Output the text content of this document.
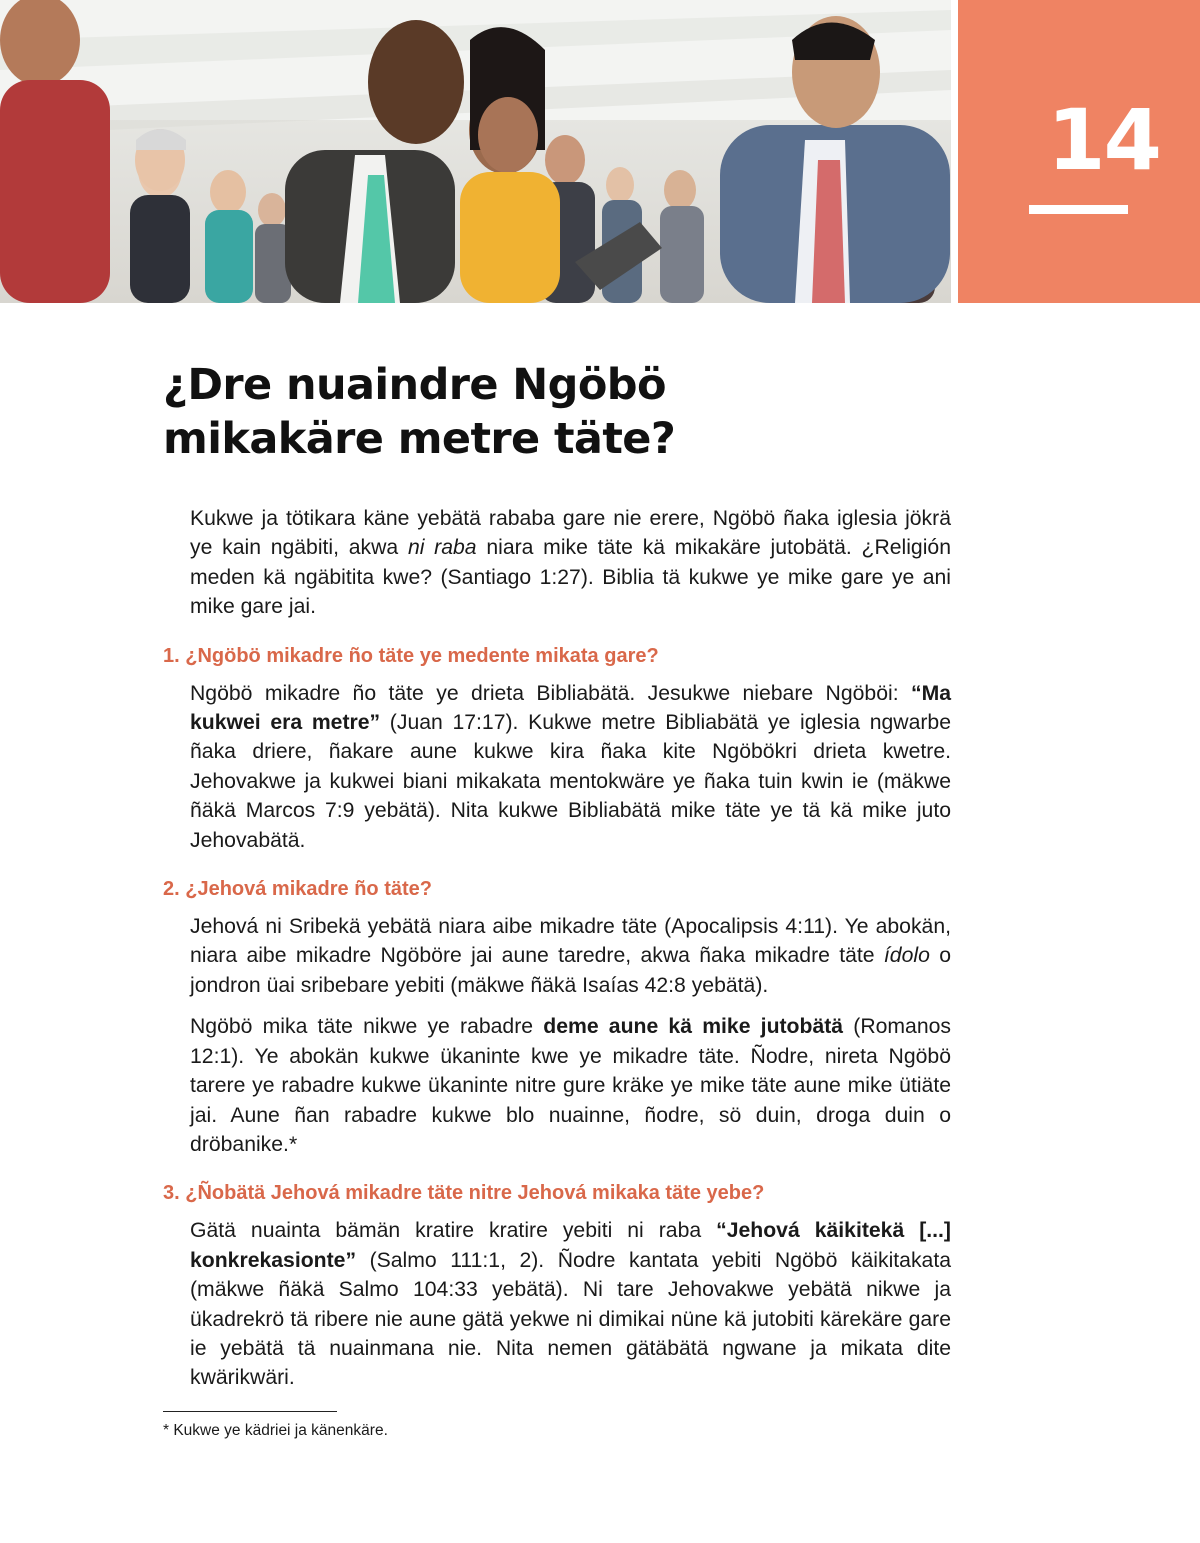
14
¿Dre nuaindre Ngöbö
mikakäre metre täte?

Kukwe ja tötikara käne yebätä rababa gare nie erere, Ngöbö ñaka iglesia jökrä ye kain ngäbiti, akwa ni raba niara mike täte kä mikakäre jutobätä. ¿Religión meden kä ngäbitita kwe? (Santiago 1:27). Biblia tä kukwe ye mike gare ye ani mike gare jai.

1. ¿Ngöbö mikadre ño täte ye medente mikata gare?

Ngöbö mikadre ño täte ye drieta Bibliabätä. Jesukwe niebare Ngöböi: “Ma kukwei era metre” (Juan 17:17). Kukwe metre Bibliabätä ye iglesia ngwarbe ñaka driere, ñakare aune kukwe kira ñaka kite Ngöbökri drieta kwetre. Jehovakwe ja kukwei biani mikakata mentokwäre ye ñaka tuin kwin ie (mäkwe ñäkä Marcos 7:9 yebätä). Nita kukwe Bibliabätä mike täte ye tä kä mike juto Jehovabätä.

2. ¿Jehová mikadre ño täte?

Jehová ni Sribekä yebätä niara aibe mikadre täte (Apocalipsis 4:11). Ye abokän, niara aibe mikadre Ngöböre jai aune taredre, akwa ñaka mikadre täte ídolo o jondron üai sribebare yebiti (mäkwe ñäkä Isaías 42:8 yebätä).

Ngöbö mika täte nikwe ye rabadre deme aune kä mike jutobätä (Romanos 12:1). Ye abokän kukwe ükaninte kwe ye mikadre täte. Ñodre, nireta Ngöbö tarere ye rabadre kukwe ükaninte nitre gure kräke ye mike täte aune mike ütiäte jai. Aune ñan rabadre kukwe blo nuainne, ñodre, sö duin, droga duin o dröbanike.*

3. ¿Ñobätä Jehová mikadre täte nitre Jehová mikaka täte yebe?

Gätä nuainta bämän kratire kratire yebiti ni raba “Jehová käikitekä [...] konkrekasionte” (Salmo 111:1, 2). Ñodre kantata yebiti Ngöbö käikitakata (mäkwe ñäkä Salmo 104:33 yebätä). Ni tare Jehovakwe yebätä nikwe ja ükadrekrö tä ribere nie aune gätä yekwe ni dimikai nüne kä jutobiti kärekäre gare ie yebätä tä nuainmana nie. Nita nemen gätäbätä ngwane ja mikata dite kwärikwäri.

* Kukwe ye kädriei ja känenkäre.
